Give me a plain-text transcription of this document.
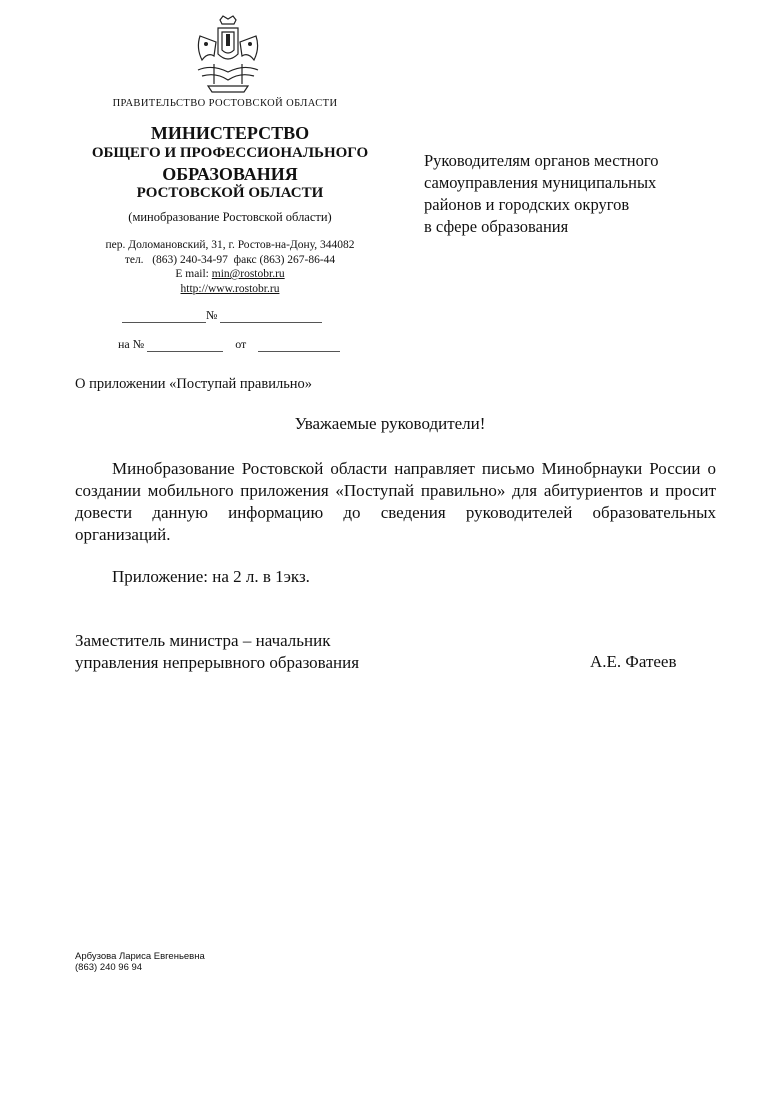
ПРАВИТЕЛЬСТВО РОСТОВСКОЙ ОБЛАСТИ
МИНИСТЕРСТВО
ОБЩЕГО И ПРОФЕССИОНАЛЬНОГО
ОБРАЗОВАНИЯ
РОСТОВСКОЙ ОБЛАСТИ
(минобразование Ростовской области)
пер. Доломановский, 31, г. Ростов-на-Дону, 344082
тел. (863) 240-34-97 факс (863) 267-86-44
E mail: min@rostobr.ru
http://www.rostobr.ru
№
на №	от
Руководителям органов местного
самоуправления муниципальных
районов и городских округов
в сфере образования
О приложении «Поступай правильно»
Уважаемые руководители!

Минобразование Ростовской области направляет письмо Минобрнауки России о создании мобильного приложения «Поступай правильно» для абитуриентов и просит довести данную информацию до сведения руководителей образовательных организаций.

Приложение: на 2 л. в 1экз.
Заместитель министра – начальник
управления непрерывного образования	А.Е. Фатеев
Арбузова Лариса Евгеньевна
(863) 240 96 94
